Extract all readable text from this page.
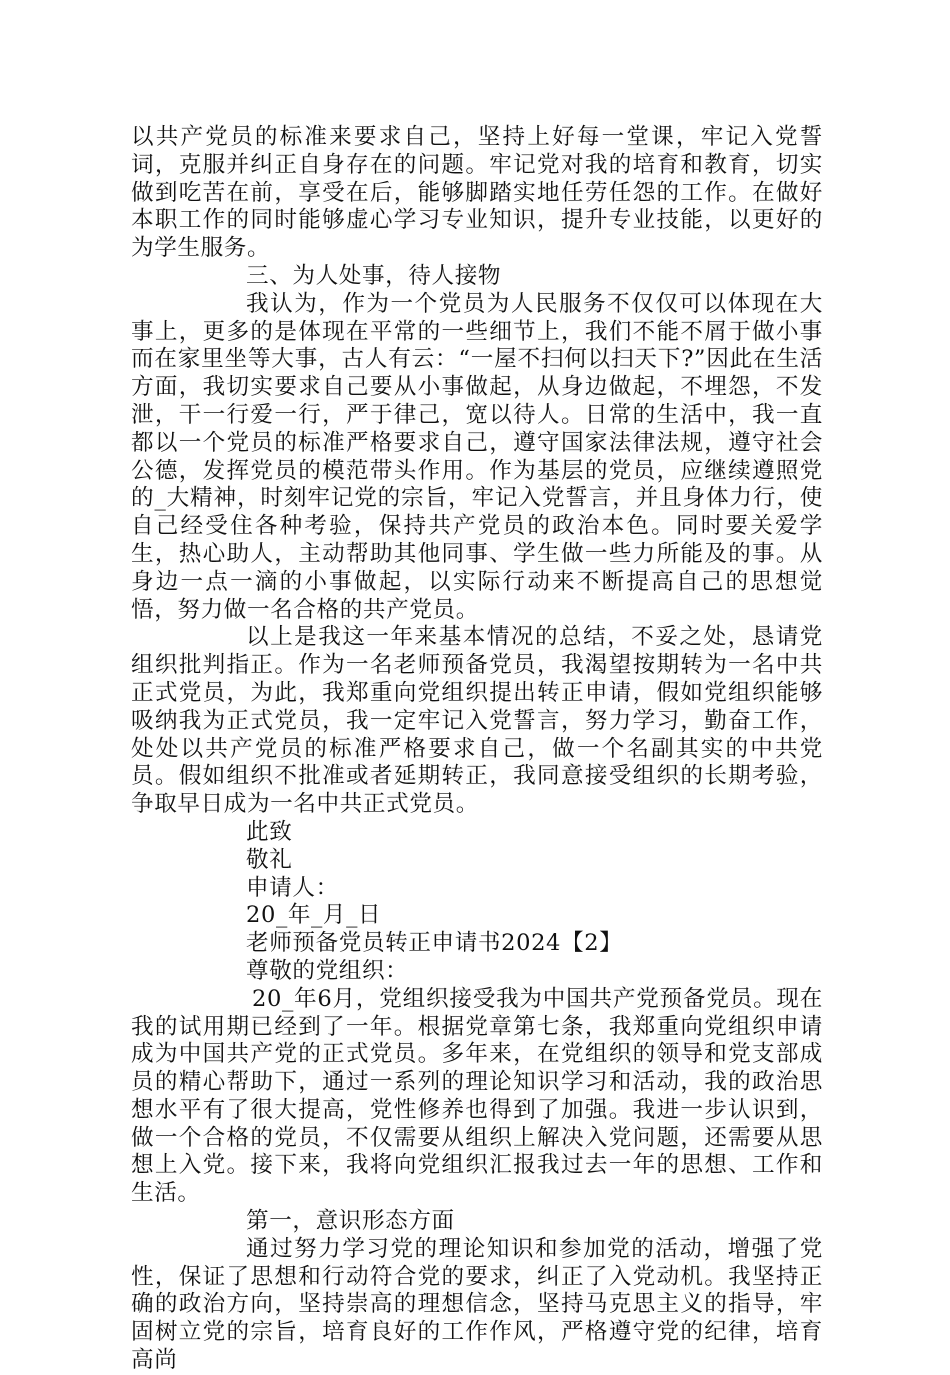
以共产党员的标准来要求自己，坚持上好每一堂课，牢记入党誓词，克服并纠正自身存在的问题。牢记党对我的培育和教育，切实做到吃苦在前，享受在后，能够脚踏实地任劳任怨的工作。在做好本职工作的同时能够虚心学习专业知识，提升专业技能，以更好的为学生服务。

三、为人处事，待人接物

我认为，作为一个党员为人民服务不仅仅可以体现在大事上，更多的是体现在平常的一些细节上，我们不能不屑于做小事而在家里坐等大事，古人有云：“一屋不扫何以扫天下?”因此在生活方面，我切实要求自己要从小事做起，从身边做起，不埋怨，不发泄，干一行爱一行，严于律己，宽以待人。日常的生活中，我一直都以一个党员的标准严格要求自己，遵守国家法律法规，遵守社会公德，发挥党员的模范带头作用。作为基层的党员，应继续遵照党的_大精神，时刻牢记党的宗旨，牢记入党誓言，并且身体力行，使自己经受住各种考验，保持共产党员的政治本色。同时要关爱学生，热心助人，主动帮助其他同事、学生做一些力所能及的事。从身边一点一滴的小事做起，以实际行动来不断提高自己的思想觉悟，努力做一名合格的共产党员。

以上是我这一年来基本情况的总结，不妥之处，恳请党组织批判指正。作为一名老师预备党员，我渴望按期转为一名中共正式党员，为此，我郑重向党组织提出转正申请，假如党组织能够吸纳我为正式党员，我一定牢记入党誓言，努力学习，勤奋工作，处处以共产党员的标准严格要求自己，做一个名副其实的中共党员。假如组织不批准或者延期转正，我同意接受组织的长期考验，争取早日成为一名中共正式党员。

此致

敬礼

申请人：

20_年_月_日

老师预备党员转正申请书2024【2】

尊敬的党组织：

20_年6月，党组织接受我为中国共产党预备党员。现在我的试用期已经到了一年。根据党章第七条，我郑重向党组织申请成为中国共产党的正式党员。多年来，在党组织的领导和党支部成员的精心帮助下，通过一系列的理论知识学习和活动，我的政治思想水平有了很大提高，党性修养也得到了加强。我进一步认识到，做一个合格的党员，不仅需要从组织上解决入党问题，还需要从思想上入党。接下来，我将向党组织汇报我过去一年的思想、工作和生活。

第一，意识形态方面

通过努力学习党的理论知识和参加党的活动，增强了党性，保证了思想和行动符合党的要求，纠正了入党动机。我坚持正确的政治方向，坚持崇高的理想信念，坚持马克思主义的指导，牢固树立党的宗旨，培育良好的工作作风，严格遵守党的纪律，培育高尚
